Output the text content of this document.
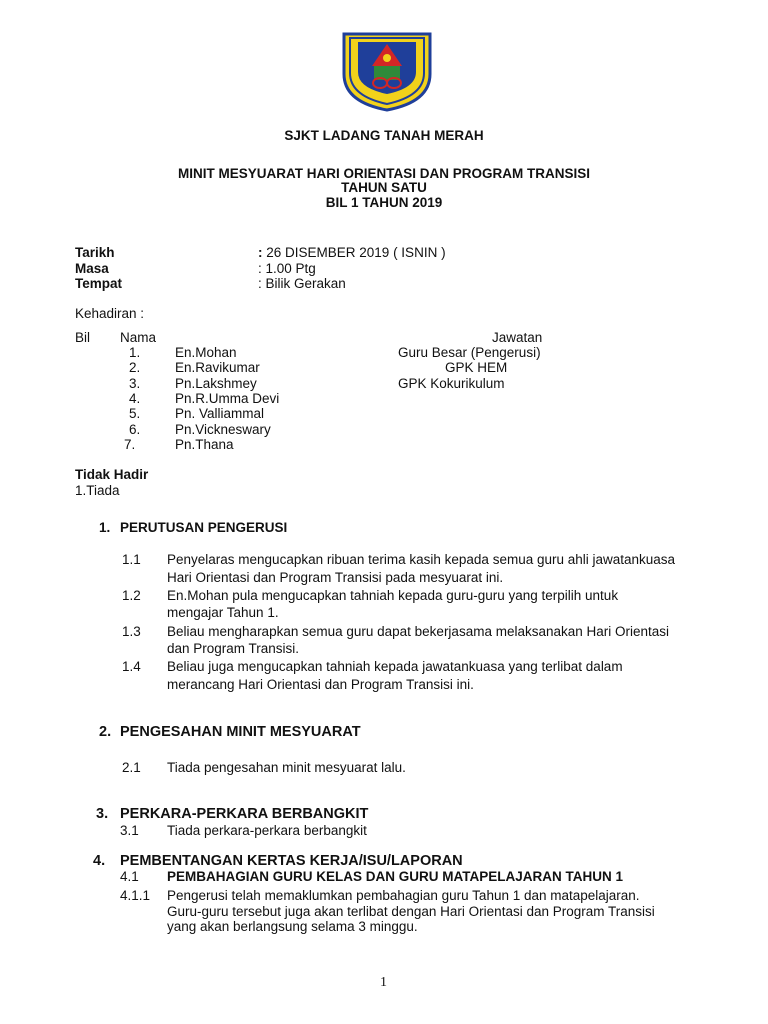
SJKT LADANG TANAH MERAH
MINIT MESYUARAT HARI ORIENTASI DAN PROGRAM TRANSISI
TAHUN SATU
BIL 1 TAHUN 2019
Tarikh	: 26 DISEMBER 2019 ( ISNIN )
Masa	: 1.00 Ptg
Tempat	: Bilik Gerakan
Kehadiran :
Bil Nama	Jawatan
1.	En.Mohan	Guru Besar (Pengerusi)
2.	En.Ravikumar	GPK HEM
3.	Pn.Lakshmey	GPK Kokurikulum
4.	Pn.R.Umma Devi
5.	Pn. Valliammal
6.	Pn.Vickneswary
7.	Pn.Thana
Tidak Hadir
1.Tiada
1. PERUTUSAN PENGERUSI
1.1 Penyelaras mengucapkan ribuan terima kasih kepada semua guru ahli jawatankuasa
Hari Orientasi dan Program Transisi pada mesyuarat ini.
1.2 En.Mohan pula mengucapkan tahniah kepada guru-guru yang terpilih untuk
mengajar Tahun 1.
1.3 Beliau mengharapkan semua guru dapat bekerjasama melaksanakan Hari Orientasi
dan Program Transisi.
1.4 Beliau juga mengucapkan tahniah kepada jawatankuasa yang terlibat dalam
merancang Hari Orientasi dan Program Transisi ini.
2. PENGESAHAN MINIT MESYUARAT
2.1 Tiada pengesahan minit mesyuarat lalu.
3. PERKARA-PERKARA BERBANGKIT
3.1 Tiada perkara-perkara berbangkit
4. PEMBENTANGAN KERTAS KERJA/ISU/LAPORAN
4.1 PEMBAHAGIAN GURU KELAS DAN GURU MATAPELAJARAN TAHUN 1
4.1.1 Pengerusi telah memaklumkan pembahagian guru Tahun 1 dan matapelajaran.
Guru-guru tersebut juga akan terlibat dengan Hari Orientasi dan Program Transisi
yang akan berlangsung selama 3 minggu.
1
